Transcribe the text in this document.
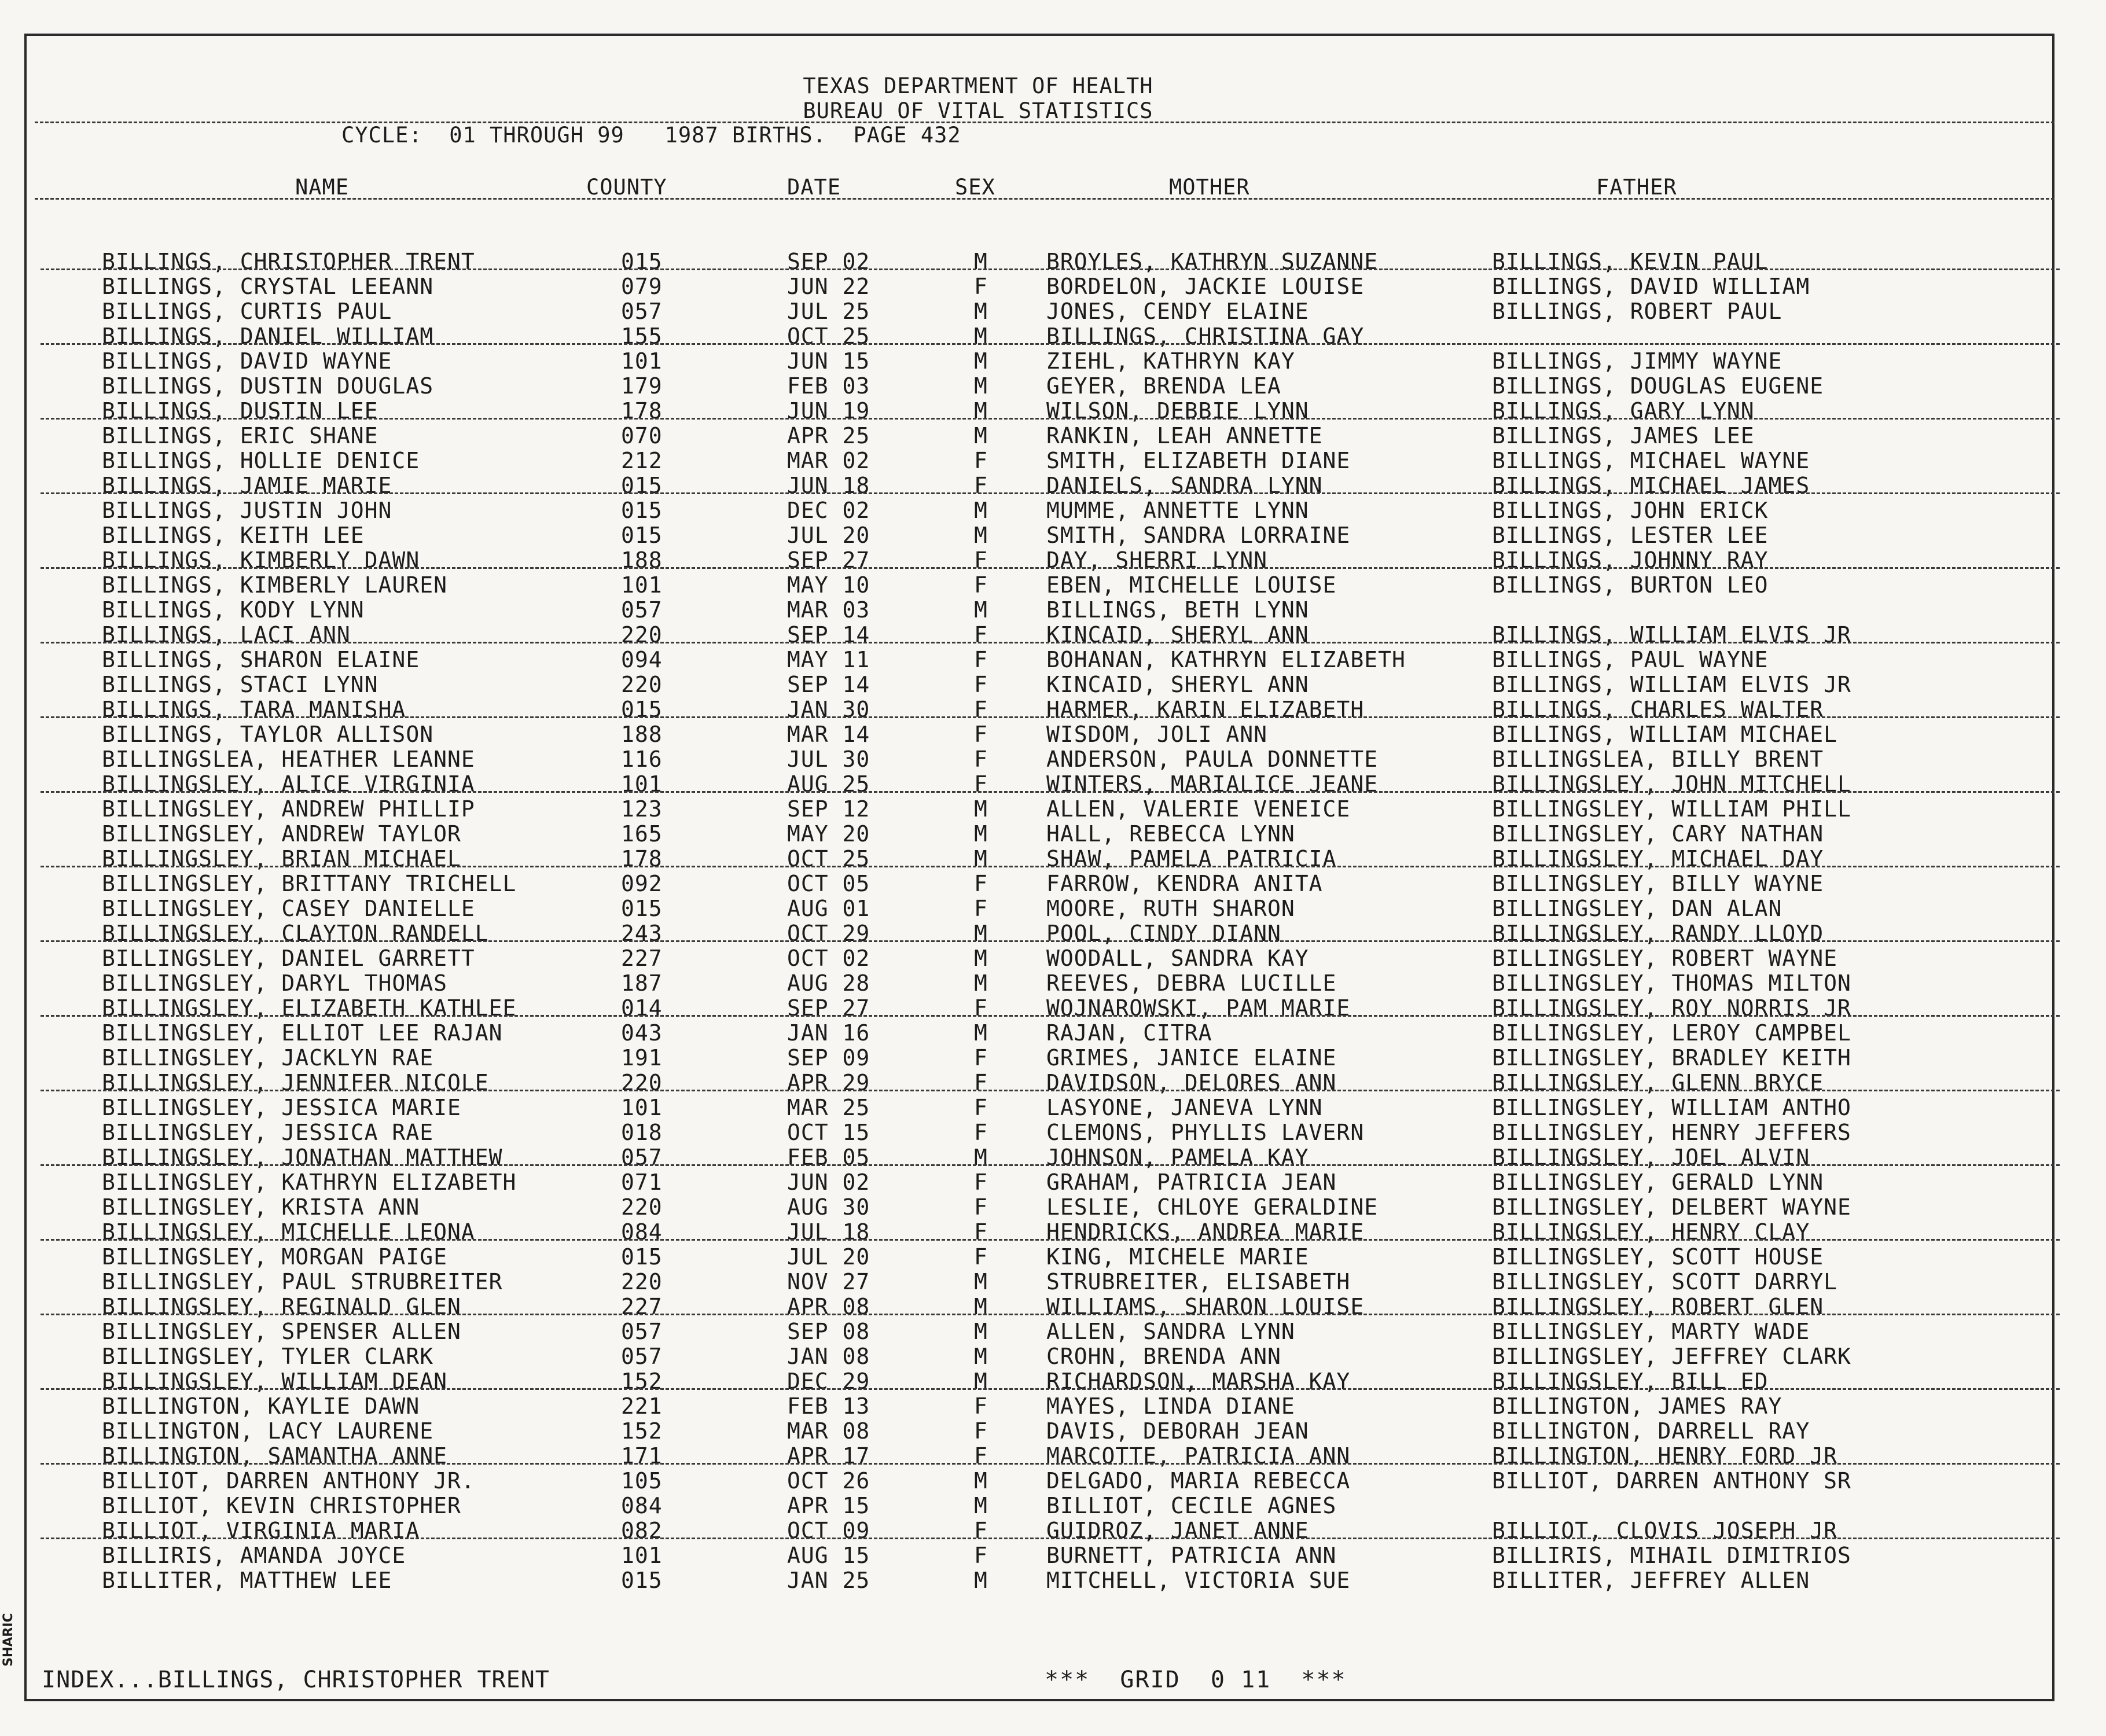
SHARIC
TEXAS DEPARTMENT OF HEALTH
BUREAU OF VITAL STATISTICS
CYCLE:  01 THROUGH 99   1987 BIRTHS.  PAGE 432
NAME	COUNTY	DATE	SEX	MOTHER	FATHER
BILLINGS, CHRISTOPHER TRENT	015	SEP 02	M	BROYLES, KATHRYN SUZANNE	BILLINGS, KEVIN PAUL
BILLINGS, CRYSTAL LEEANN	079	JUN 22	F	BORDELON, JACKIE LOUISE	BILLINGS, DAVID WILLIAM
BILLINGS, CURTIS PAUL	057	JUL 25	M	JONES, CENDY ELAINE	BILLINGS, ROBERT PAUL
BILLINGS, DANIEL WILLIAM	155	OCT 25	M	BILLINGS, CHRISTINA GAY
BILLINGS, DAVID WAYNE	101	JUN 15	M	ZIEHL, KATHRYN KAY	BILLINGS, JIMMY WAYNE
BILLINGS, DUSTIN DOUGLAS	179	FEB 03	M	GEYER, BRENDA LEA	BILLINGS, DOUGLAS EUGENE
BILLINGS, DUSTIN LEE	178	JUN 19	M	WILSON, DEBBIE LYNN	BILLINGS, GARY LYNN
BILLINGS, ERIC SHANE	070	APR 25	M	RANKIN, LEAH ANNETTE	BILLINGS, JAMES LEE
BILLINGS, HOLLIE DENICE	212	MAR 02	F	SMITH, ELIZABETH DIANE	BILLINGS, MICHAEL WAYNE
BILLINGS, JAMIE MARIE	015	JUN 18	F	DANIELS, SANDRA LYNN	BILLINGS, MICHAEL JAMES
BILLINGS, JUSTIN JOHN	015	DEC 02	M	MUMME, ANNETTE LYNN	BILLINGS, JOHN ERICK
BILLINGS, KEITH LEE	015	JUL 20	M	SMITH, SANDRA LORRAINE	BILLINGS, LESTER LEE
BILLINGS, KIMBERLY DAWN	188	SEP 27	F	DAY, SHERRI LYNN	BILLINGS, JOHNNY RAY
BILLINGS, KIMBERLY LAUREN	101	MAY 10	F	EBEN, MICHELLE LOUISE	BILLINGS, BURTON LEO
BILLINGS, KODY LYNN	057	MAR 03	M	BILLINGS, BETH LYNN
BILLINGS, LACI ANN	220	SEP 14	F	KINCAID, SHERYL ANN	BILLINGS, WILLIAM ELVIS JR
BILLINGS, SHARON ELAINE	094	MAY 11	F	BOHANAN, KATHRYN ELIZABETH	BILLINGS, PAUL WAYNE
BILLINGS, STACI LYNN	220	SEP 14	F	KINCAID, SHERYL ANN	BILLINGS, WILLIAM ELVIS JR
BILLINGS, TARA MANISHA	015	JAN 30	F	HARMER, KARIN ELIZABETH	BILLINGS, CHARLES WALTER
BILLINGS, TAYLOR ALLISON	188	MAR 14	F	WISDOM, JOLI ANN	BILLINGS, WILLIAM MICHAEL
BILLINGSLEA, HEATHER LEANNE	116	JUL 30	F	ANDERSON, PAULA DONNETTE	BILLINGSLEA, BILLY BRENT
BILLINGSLEY, ALICE VIRGINIA	101	AUG 25	F	WINTERS, MARIALICE JEANE	BILLINGSLEY, JOHN MITCHELL
BILLINGSLEY, ANDREW PHILLIP	123	SEP 12	M	ALLEN, VALERIE VENEICE	BILLINGSLEY, WILLIAM PHILL
BILLINGSLEY, ANDREW TAYLOR	165	MAY 20	M	HALL, REBECCA LYNN	BILLINGSLEY, CARY NATHAN
BILLINGSLEY, BRIAN MICHAEL	178	OCT 25	M	SHAW, PAMELA PATRICIA	BILLINGSLEY, MICHAEL DAY
BILLINGSLEY, BRITTANY TRICHELL	092	OCT 05	F	FARROW, KENDRA ANITA	BILLINGSLEY, BILLY WAYNE
BILLINGSLEY, CASEY DANIELLE	015	AUG 01	F	MOORE, RUTH SHARON	BILLINGSLEY, DAN ALAN
BILLINGSLEY, CLAYTON RANDELL	243	OCT 29	M	POOL, CINDY DIANN	BILLINGSLEY, RANDY LLOYD
BILLINGSLEY, DANIEL GARRETT	227	OCT 02	M	WOODALL, SANDRA KAY	BILLINGSLEY, ROBERT WAYNE
BILLINGSLEY, DARYL THOMAS	187	AUG 28	M	REEVES, DEBRA LUCILLE	BILLINGSLEY, THOMAS MILTON
BILLINGSLEY, ELIZABETH KATHLEE	014	SEP 27	F	WOJNAROWSKI, PAM MARIE	BILLINGSLEY, ROY NORRIS JR
BILLINGSLEY, ELLIOT LEE RAJAN	043	JAN 16	M	RAJAN, CITRA	BILLINGSLEY, LEROY CAMPBEL
BILLINGSLEY, JACKLYN RAE	191	SEP 09	F	GRIMES, JANICE ELAINE	BILLINGSLEY, BRADLEY KEITH
BILLINGSLEY, JENNIFER NICOLE	220	APR 29	F	DAVIDSON, DELORES ANN	BILLINGSLEY, GLENN BRYCE
BILLINGSLEY, JESSICA MARIE	101	MAR 25	F	LASYONE, JANEVA LYNN	BILLINGSLEY, WILLIAM ANTHO
BILLINGSLEY, JESSICA RAE	018	OCT 15	F	CLEMONS, PHYLLIS LAVERN	BILLINGSLEY, HENRY JEFFERS
BILLINGSLEY, JONATHAN MATTHEW	057	FEB 05	M	JOHNSON, PAMELA KAY	BILLINGSLEY, JOEL ALVIN
BILLINGSLEY, KATHRYN ELIZABETH	071	JUN 02	F	GRAHAM, PATRICIA JEAN	BILLINGSLEY, GERALD LYNN
BILLINGSLEY, KRISTA ANN	220	AUG 30	F	LESLIE, CHLOYE GERALDINE	BILLINGSLEY, DELBERT WAYNE
BILLINGSLEY, MICHELLE LEONA	084	JUL 18	F	HENDRICKS, ANDREA MARIE	BILLINGSLEY, HENRY CLAY
BILLINGSLEY, MORGAN PAIGE	015	JUL 20	F	KING, MICHELE MARIE	BILLINGSLEY, SCOTT HOUSE
BILLINGSLEY, PAUL STRUBREITER	220	NOV 27	M	STRUBREITER, ELISABETH	BILLINGSLEY, SCOTT DARRYL
BILLINGSLEY, REGINALD GLEN	227	APR 08	M	WILLIAMS, SHARON LOUISE	BILLINGSLEY, ROBERT GLEN
BILLINGSLEY, SPENSER ALLEN	057	SEP 08	M	ALLEN, SANDRA LYNN	BILLINGSLEY, MARTY WADE
BILLINGSLEY, TYLER CLARK	057	JAN 08	M	CROHN, BRENDA ANN	BILLINGSLEY, JEFFREY CLARK
BILLINGSLEY, WILLIAM DEAN	152	DEC 29	M	RICHARDSON, MARSHA KAY	BILLINGSLEY, BILL ED
BILLINGTON, KAYLIE DAWN	221	FEB 13	F	MAYES, LINDA DIANE	BILLINGTON, JAMES RAY
BILLINGTON, LACY LAURENE	152	MAR 08	F	DAVIS, DEBORAH JEAN	BILLINGTON, DARRELL RAY
BILLINGTON, SAMANTHA ANNE	171	APR 17	F	MARCOTTE, PATRICIA ANN	BILLINGTON, HENRY FORD JR
BILLIOT, DARREN ANTHONY JR.	105	OCT 26	M	DELGADO, MARIA REBECCA	BILLIOT, DARREN ANTHONY SR
BILLIOT, KEVIN CHRISTOPHER	084	APR 15	M	BILLIOT, CECILE AGNES
BILLIOT, VIRGINIA MARIA	082	OCT 09	F	GUIDROZ, JANET ANNE	BILLIOT, CLOVIS JOSEPH JR
BILLIRIS, AMANDA JOYCE	101	AUG 15	F	BURNETT, PATRICIA ANN	BILLIRIS, MIHAIL DIMITRIOS
BILLITER, MATTHEW LEE	015	JAN 25	M	MITCHELL, VICTORIA SUE	BILLITER, JEFFREY ALLEN
INDEX...BILLINGS, CHRISTOPHER TRENT	***  GRID  0 11  ***
